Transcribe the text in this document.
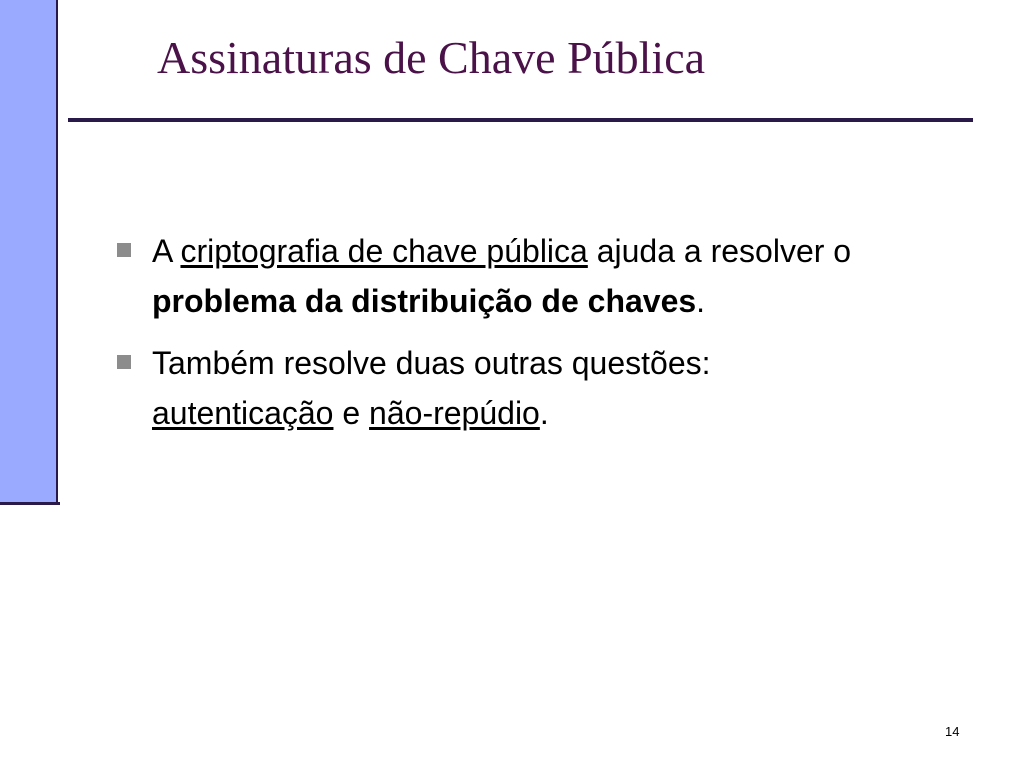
Assinaturas de Chave Pública
A criptografia de chave pública ajuda a resolver o problema da distribuição de chaves.
Também resolve duas outras questões: autenticação e não-repúdio.
14
